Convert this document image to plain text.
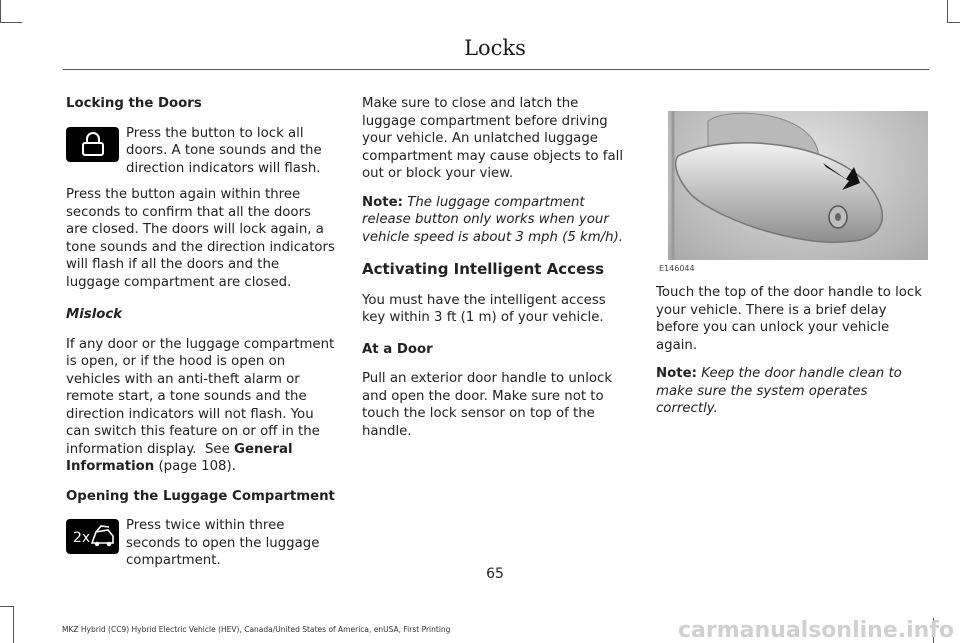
Locks
Locking the Doors

Press the button to lock all doors. A tone sounds and the direction indicators will flash.

Press the button again within three seconds to confirm that all the doors are closed. The doors will lock again, a tone sounds and the direction indicators will flash if all the doors and the luggage compartment are closed.

Mislock

If any door or the luggage compartment is open, or if the hood is open on vehicles with an anti-theft alarm or remote start, a tone sounds and the direction indicators will not flash. You can switch this feature on or off in the information display. See General Information (page 108).

Opening the Luggage Compartment
2x

Press twice within three seconds to open the luggage compartment.

Make sure to close and latch the luggage compartment before driving your vehicle. An unlatched luggage compartment may cause objects to fall out or block your view.

Note: The luggage compartment release button only works when your vehicle speed is about 3 mph (5 km/h).

Activating Intelligent Access

You must have the intelligent access key within 3 ft (1 m) of your vehicle.

At a Door

Pull an exterior door handle to unlock and open the door. Make sure not to touch the lock sensor on top of the handle.

E146044

Touch the top of the door handle to lock your vehicle. There is a brief delay before you can unlock your vehicle again.

Note: Keep the door handle clean to make sure the system operates correctly.

65
MKZ Hybrid (CC9) Hybrid Electric Vehicle (HEV), Canada/United States of America, enUSA, First Printing	carmanualsonline.info
